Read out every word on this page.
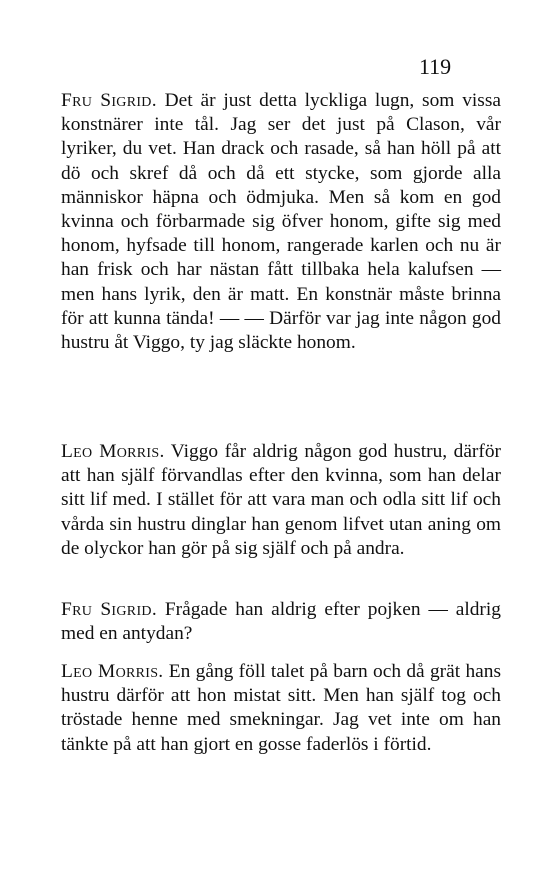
119

Fru Sigrid. Det är just detta lyckliga lugn, som vissa konstnärer inte tål. Jag ser det just på Clason, vår lyriker, du vet. Han drack och rasade, så han höll på att dö och skref då och då ett stycke, som gjorde alla människor häpna och ödmjuka. Men så kom en god kvinna och förbarmade sig öfver honom, gifte sig med honom, hyfsade till honom, rangerade karlen och nu är han frisk och har nästan fått tillbaka hela kalufsen — men hans lyrik, den är matt. En konstnär måste brinna för att kunna tända! — — Därför var jag inte någon god hustru åt Viggo, ty jag släckte honom.

Leo Morris. Viggo får aldrig någon god hustru, därför att han själf förvandlas efter den kvinna, som han delar sitt lif med. I stället för att vara man och odla sitt lif och vårda sin hustru dinglar han genom lifvet utan aning om de olyckor han gör på sig själf och på andra.

Fru Sigrid. Frågade han aldrig efter pojken — aldrig med en antydan?

Leo Morris. En gång föll talet på barn och då grät hans hustru därför att hon mistat sitt. Men han själf tog och tröstade henne med smekningar. Jag vet inte om han tänkte på att han gjort en gosse faderlös i förtid.
